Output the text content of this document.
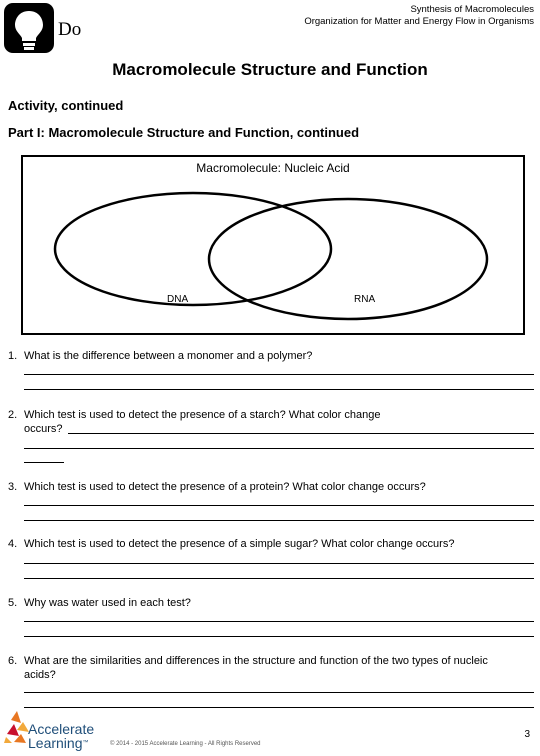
Do
Synthesis of Macromolecules
Organization for Matter and Energy Flow in Organisms
Macromolecule Structure and Function
Activity, continued
Part I: Macromolecule Structure and Function, continued
Macromolecule: Nucleic Acid
DNA	RNA
1. What is the difference between a monomer and a polymer?
2. Which test is used to detect the presence of a starch? What color change
occurs?
3. Which test is used to detect the presence of a protein? What color change occurs?
4. Which test is used to detect the presence of a simple sugar? What color change occurs?
5. Why was water used in each test?
6. What are the similarities and differences in the structure and function of the two types of nucleic
acids?
Accelerate
Learning™	© 2014 - 2015 Accelerate Learning - All Rights Reserved
3
